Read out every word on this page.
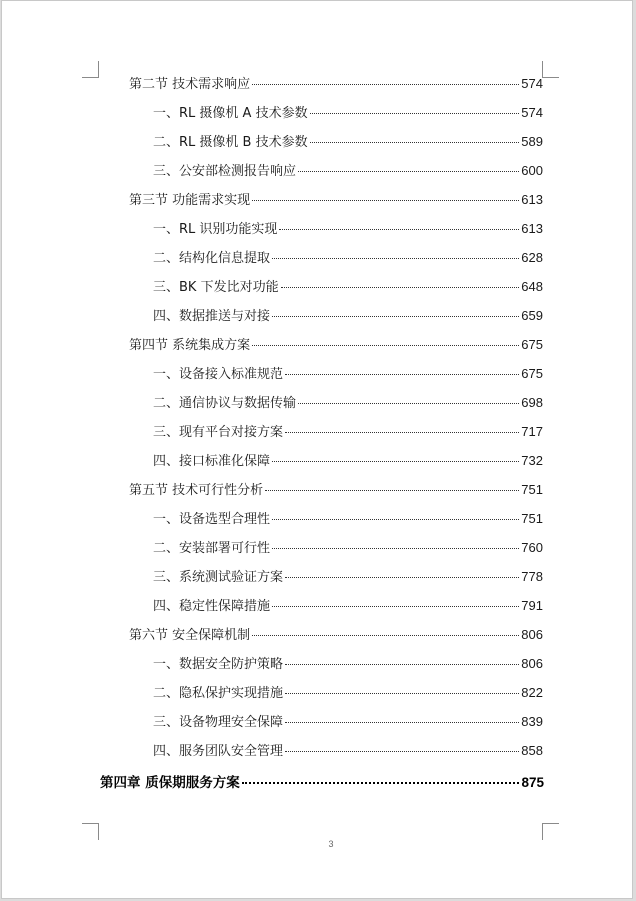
第二节 技术需求响应	574
一、RL 摄像机 A 技术参数	574
二、RL 摄像机 B 技术参数	589
三、公安部检测报告响应	600
第三节 功能需求实现	613
一、RL 识别功能实现	613
二、结构化信息提取	628
三、BK 下发比对功能	648
四、数据推送与对接	659
第四节 系统集成方案	675
一、设备接入标准规范	675
二、通信协议与数据传输	698
三、现有平台对接方案	717
四、接口标准化保障	732
第五节 技术可行性分析	751
一、设备选型合理性	751
二、安装部署可行性	760
三、系统测试验证方案	778
四、稳定性保障措施	791
第六节 安全保障机制	806
一、数据安全防护策略	806
二、隐私保护实现措施	822
三、设备物理安全保障	839
四、服务团队安全管理	858
第四章 质保期服务方案	875
3
